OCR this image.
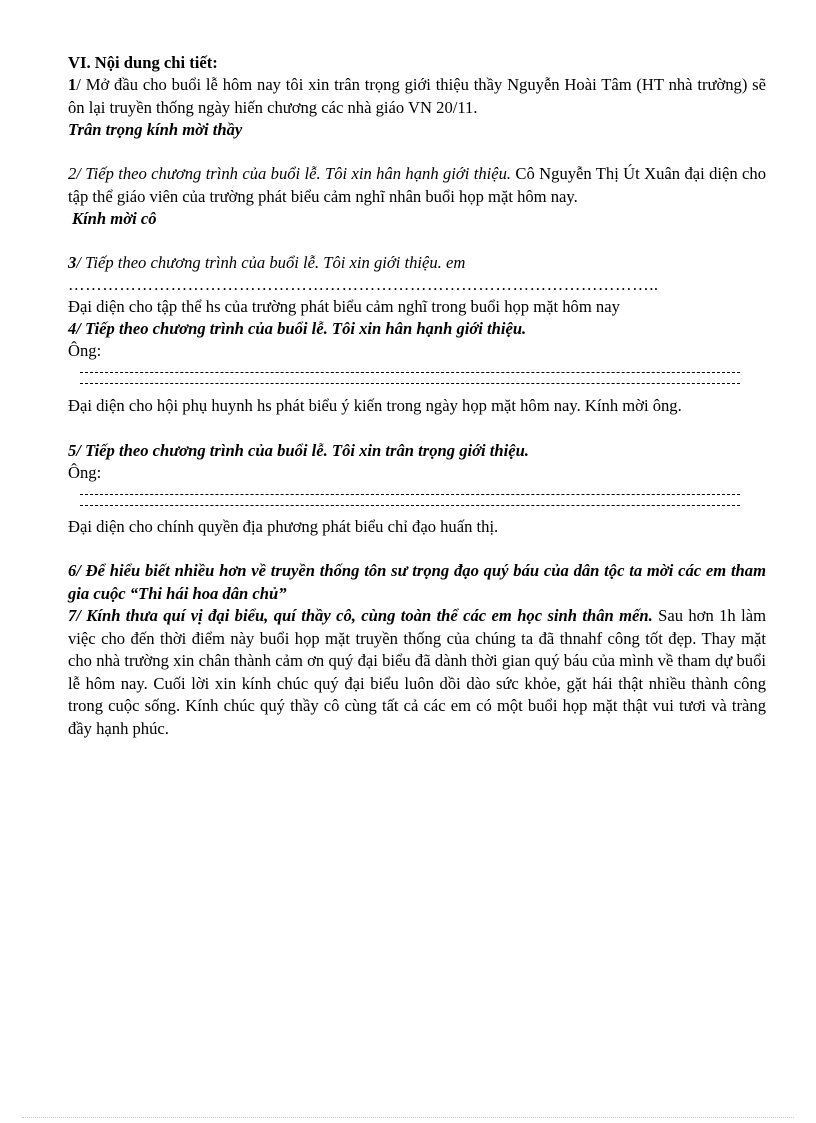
VI. Nội dung chi tiết:
1/ Mở đầu cho buổi lễ hôm nay tôi xin trân trọng giới thiệu thầy Nguyễn Hoài Tâm (HT nhà trường) sẽ ôn lại truyền thống ngày hiến chương các nhà giáo VN 20/11.
Trân trọng kính mời thầy
2/ Tiếp theo chương trình của buổi lễ. Tôi xin hân hạnh giới thiệu. Cô Nguyễn Thị Út Xuân đại diện cho tập thể giáo viên của trường phát biểu cảm nghĩ nhân buổi họp mặt hôm nay.
Kính mời cô
3/ Tiếp theo chương trình của buổi lễ. Tôi xin giới thiệu. em
…………………………………………………………………………………………..
Đại diện cho tập thể hs của trường phát biểu cảm nghĩ trong buổi họp mặt hôm nay
4/ Tiếp theo chương trình của buổi lễ. Tôi xin hân hạnh giới thiệu.
Ông:
Đại diện cho hội phụ huynh hs phát biểu ý kiến trong ngày họp mặt hôm nay. Kính mời ông.
5/ Tiếp theo chương trình của buổi lễ. Tôi xin trân trọng giới thiệu.
Ông:
Đại diện cho chính quyền địa phương phát biểu chỉ đạo huấn thị.
6/ Để hiểu biết nhiều hơn về truyền thống tôn sư trọng đạo quý báu của dân tộc ta mời các em tham gia cuộc “Thi hái hoa dân chủ”
7/ Kính thưa quí vị đại biểu, quí thầy cô, cùng toàn thể các em học sinh thân mến. Sau hơn 1h làm việc cho đến thời điểm này buổi họp mặt truyền thống của chúng ta đã thnahf công tốt đẹp. Thay mặt cho nhà trường xin chân thành cảm ơn quý đại biểu đã dành thời gian quý báu của mình về tham dự buổi lễ hôm nay. Cuối lời xin kính chúc quý đại biểu luôn dồi dào sức khỏe, gặt hái thật nhiều thành công trong cuộc sống. Kính chúc quý thầy cô cùng tất cả các em có một buổi họp mặt thật vui tươi và tràng đầy hạnh phúc.
